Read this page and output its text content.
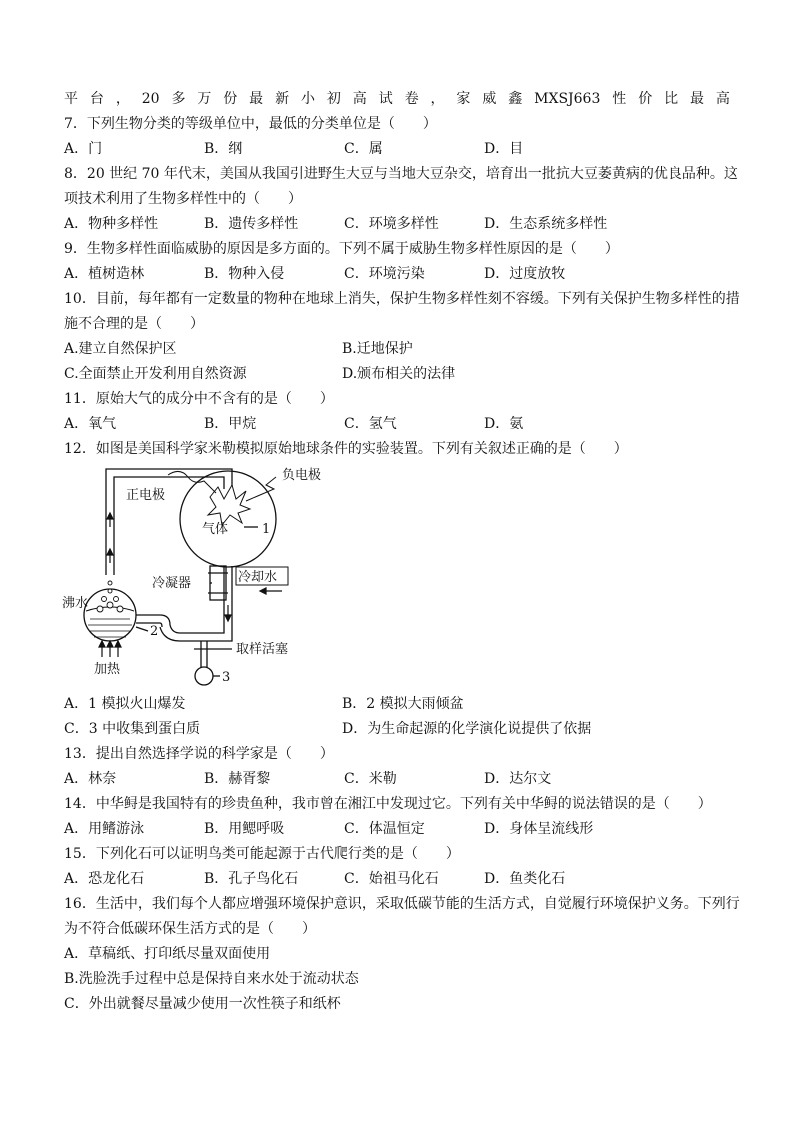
平 台 ， 20 多 万 份 最 新 小 初 高 试 卷 ， 家 威 鑫 MXSJ663 性 价 比 最 高
7．下列生物分类的等级单位中，最低的分类单位是（　　）
A．门	B．纲	C．属	D．目
8．20 世纪 70 年代末，美国从我国引进野生大豆与当地大豆杂交，培育出一批抗大豆萎黄病的优良品种。这
项技术利用了生物多样性中的（　　）
A．物种多样性	B．遗传多样性	C．环境多样性	D．生态系统多样性
9．生物多样性面临威胁的原因是多方面的。下列不属于威胁生物多样性原因的是（　　）
A．植树造林	B．物种入侵	C．环境污染	D．过度放牧
10．目前，每年都有一定数量的物种在地球上消失，保护生物多样性刻不容缓。下列有关保护生物多样性的措
施不合理的是（　　）
A.建立自然保护区	B.迁地保护
C.全面禁止开发利用自然资源	D.颁布相关的法律
11．原始大气的成分中不含有的是（　　）
A．氧气	B．甲烷	C．氢气	D．氨
12．如图是美国科学家米勒模拟原始地球条件的实验装置。下列有关叙述正确的是（　　）
正电极
负电极
气体	1
冷凝器	冷却水
沸水
2
取样活塞
加热
3
A．1 模拟火山爆发	B．2 模拟大雨倾盆
C．3 中收集到蛋白质	D．为生命起源的化学演化说提供了依据
13．提出自然选择学说的科学家是（　　）
A．林奈	B．赫胥黎	C．米勒	D．达尔文
14．中华鲟是我国特有的珍贵鱼种，我市曾在湘江中发现过它。下列有关中华鲟的说法错误的是（　　）
A．用鳍游泳	B．用鳃呼吸	C．体温恒定	D．身体呈流线形
15．下列化石可以证明鸟类可能起源于古代爬行类的是（　　）
A．恐龙化石	B．孔子鸟化石	C．始祖马化石	D．鱼类化石
16．生活中，我们每个人都应增强环境保护意识，采取低碳节能的生活方式，自觉履行环境保护义务。下列行
为不符合低碳环保生活方式的是（　　）
A．草稿纸、打印纸尽量双面使用
B.洗脸洗手过程中总是保持自来水处于流动状态
C．外出就餐尽量减少使用一次性筷子和纸杯
